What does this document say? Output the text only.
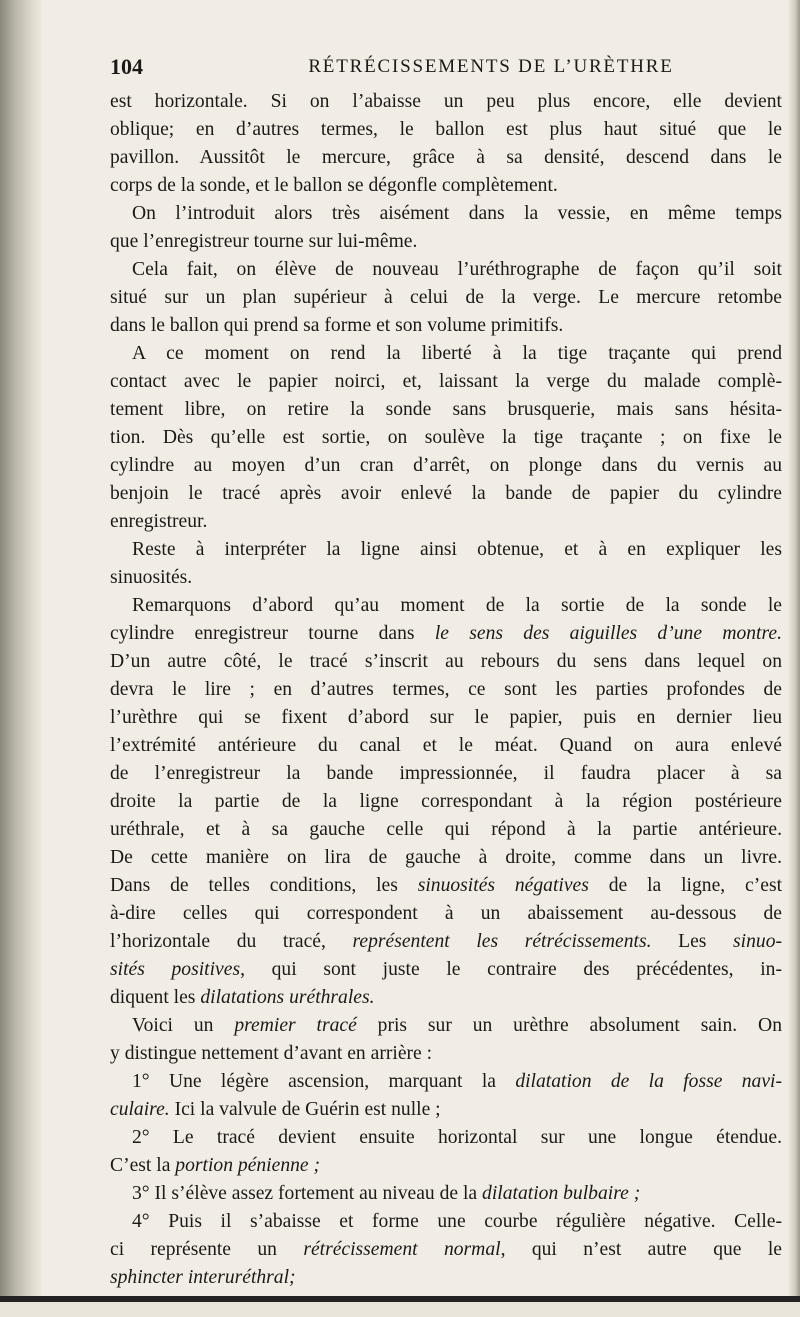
104	RÉTRÉCISSEMENTS DE L’URÈTHRE
est horizontale. Si on l’abaisse un peu plus encore, elle devient
oblique; en d’autres termes, le ballon est plus haut situé que le
pavillon. Aussitôt le mercure, grâce à sa densité, descend dans le
corps de la sonde, et le ballon se dégonfle complètement.
On l’introduit alors très aisément dans la vessie, en même temps
que l’enregistreur tourne sur lui-même.
Cela fait, on élève de nouveau l’uréthrographe de façon qu’il soit
situé sur un plan supérieur à celui de la verge. Le mercure retombe
dans le ballon qui prend sa forme et son volume primitifs.
A ce moment on rend la liberté à la tige traçante qui prend
contact avec le papier noirci, et, laissant la verge du malade complè-
tement libre, on retire la sonde sans brusquerie, mais sans hésita-
tion. Dès qu’elle est sortie, on soulève la tige traçante ; on fixe le
cylindre au moyen d’un cran d’arrêt, on plonge dans du vernis au
benjoin le tracé après avoir enlevé la bande de papier du cylindre
enregistreur.
Reste à interpréter la ligne ainsi obtenue, et à en expliquer les
sinuosités.
Remarquons d’abord qu’au moment de la sortie de la sonde le
cylindre enregistreur tourne dans le sens des aiguilles d’une montre.
D’un autre côté, le tracé s’inscrit au rebours du sens dans lequel on
devra le lire ; en d’autres termes, ce sont les parties profondes de
l’urèthre qui se fixent d’abord sur le papier, puis en dernier lieu
l’extrémité antérieure du canal et le méat. Quand on aura enlevé
de l’enregistreur la bande impressionnée, il faudra placer à sa
droite la partie de la ligne correspondant à la région postérieure
uréthrale, et à sa gauche celle qui répond à la partie antérieure.
De cette manière on lira de gauche à droite, comme dans un livre.
Dans de telles conditions, les sinuosités négatives de la ligne, c’est
à-dire celles qui correspondent à un abaissement au-dessous de
l’horizontale du tracé, représentent les rétrécissements. Les sinuo-
sités positives, qui sont juste le contraire des précédentes, in-
diquent les dilatations uréthrales.
Voici un premier tracé pris sur un urèthre absolument sain. On
y distingue nettement d’avant en arrière :
1° Une légère ascension, marquant la dilatation de la fosse navi-
culaire. Ici la valvule de Guérin est nulle ;
2° Le tracé devient ensuite horizontal sur une longue étendue.
C’est la portion pénienne ;
3° Il s’élève assez fortement au niveau de la dilatation bulbaire ;
4° Puis il s’abaisse et forme une courbe régulière négative. Celle-
ci représente un rétrécissement normal, qui n’est autre que le
sphincter interuréthral;
